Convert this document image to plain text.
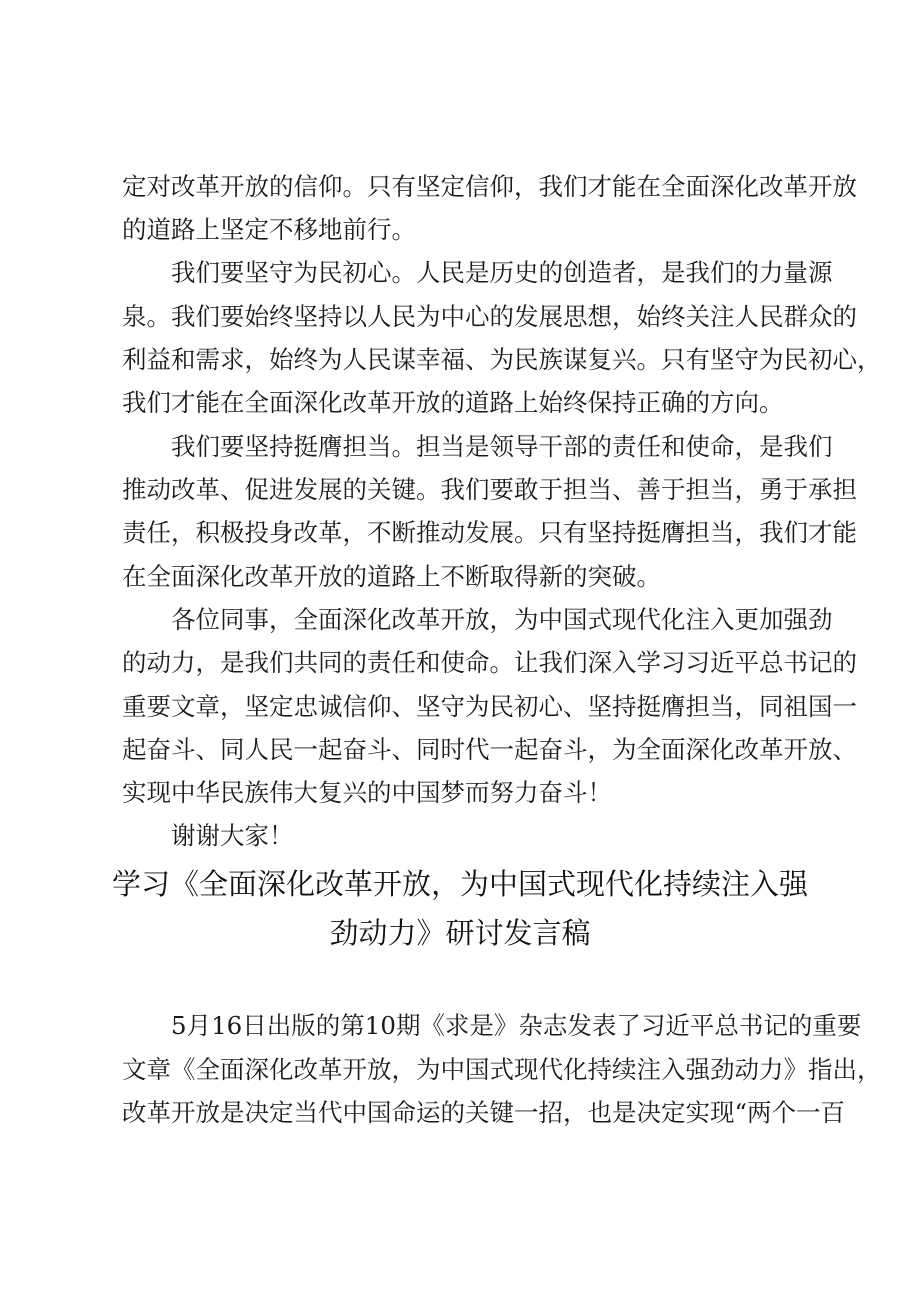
定对改革开放的信仰。只有坚定信仰，我们才能在全面深化改革开放
的道路上坚定不移地前行。
我们要坚守为民初心。人民是历史的创造者，是我们的力量源
泉。我们要始终坚持以人民为中心的发展思想，始终关注人民群众的
利益和需求，始终为人民谋幸福、为民族谋复兴。只有坚守为民初心，
我们才能在全面深化改革开放的道路上始终保持正确的方向。
我们要坚持挺膺担当。担当是领导干部的责任和使命，是我们
推动改革、促进发展的关键。我们要敢于担当、善于担当，勇于承担
责任，积极投身改革，不断推动发展。只有坚持挺膺担当，我们才能
在全面深化改革开放的道路上不断取得新的突破。
各位同事，全面深化改革开放，为中国式现代化注入更加强劲
的动力，是我们共同的责任和使命。让我们深入学习习近平总书记的
重要文章，坚定忠诚信仰、坚守为民初心、坚持挺膺担当，同祖国一
起奋斗、同人民一起奋斗、同时代一起奋斗，为全面深化改革开放、
实现中华民族伟大复兴的中国梦而努力奋斗！
谢谢大家！
学习《全面深化改革开放，为中国式现代化持续注入强
劲动力》研讨发言稿
5月16日出版的第10期《求是》杂志发表了习近平总书记的重要
文章《全面深化改革开放，为中国式现代化持续注入强劲动力》指出，
改革开放是决定当代中国命运的关键一招，也是决定实现“两个一百
